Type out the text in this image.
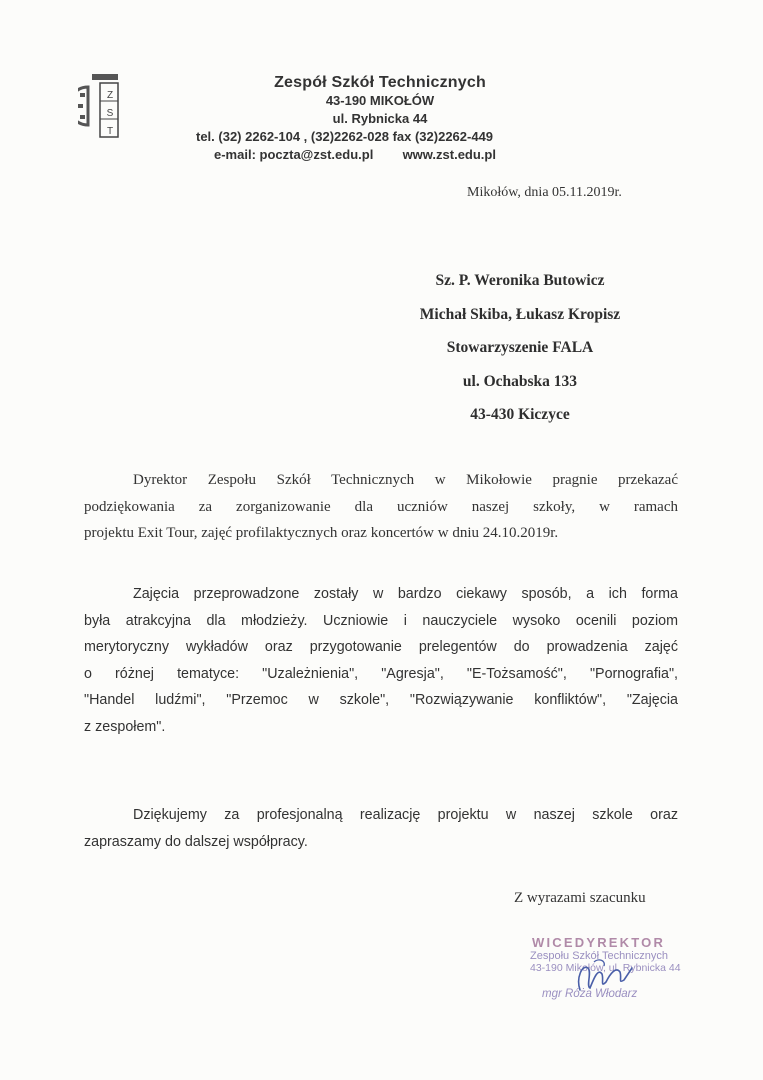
Z
S
T
Zespół Szkół Technicznych
43-190 MIKOŁÓW
ul. Rybnicka 44
tel. (32) 2262-104 , (32)2262-028 fax (32)2262-449
e-mail: poczta@zst.edu.pl www.zst.edu.pl
Mikołów, dnia 05.11.2019r.
Sz. P. Weronika Butowicz
Michał Skiba, Łukasz Kropisz
Stowarzyszenie FALA
ul. Ochabska 133
43-430 Kiczyce
Dyrektor Zespołu Szkół Technicznych w Mikołowie pragnie przekazać
podziękowania za zorganizowanie dla uczniów naszej szkoły, w ramach
projektu Exit Tour, zajęć profilaktycznych oraz koncertów w dniu 24.10.2019r.
Zajęcia przeprowadzone zostały w bardzo ciekawy sposób, a ich forma
była atrakcyjna dla młodzieży. Uczniowie i nauczyciele wysoko ocenili poziom
merytoryczny wykładów oraz przygotowanie prelegentów do prowadzenia zajęć
o różnej tematyce: "Uzależnienia", "Agresja", "E-Tożsamość", "Pornografia",
"Handel ludźmi", "Przemoc w szkole", "Rozwiązywanie konfliktów", "Zajęcia
z zespołem".
Dziękujemy za profesjonalną realizację projektu w naszej szkole oraz
zapraszamy do dalszej współpracy.
Z wyrazami szacunku
WICEDYREKTOR
Zespołu Szkół Technicznych
43-190 Mikołów, ul. Rybnicka 44
mgr Róża Włodarz
